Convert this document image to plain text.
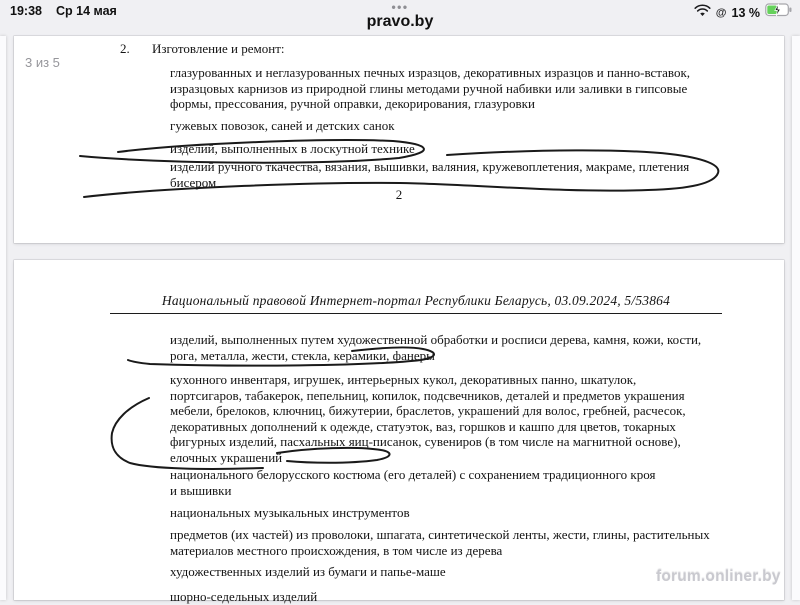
19:38 Ср 14 мая	•••	@ 13 %
pravo.by
3 из 5
2. Изготовление и ремонт:
глазурованных и неглазурованных печных изразцов, декоративных изразцов и панно-вставок,
изразцовых карнизов из природной глины методами ручной набивки или заливки в гипсовые
формы, прессования, ручной оправки, декорирования, глазуровки
гужевых повозок, саней и детских санок
изделий, выполненных в лоскутной технике
изделий ручного ткачества, вязания, вышивки, валяния, кружевоплетения, макраме, плетения
бисером
2
Национальный правовой Интернет-портал Республики Беларусь, 03.09.2024, 5/53864
изделий, выполненных путем художественной обработки и росписи дерева, камня, кожи, кости,
рога, металла, жести, стекла, керамики, фанеры
кухонного инвентаря, игрушек, интерьерных кукол, декоративных панно, шкатулок,
портсигаров, табакерок, пепельниц, копилок, подсвечников, деталей и предметов украшения
мебели, брелоков, ключниц, бижутерии, браслетов, украшений для волос, гребней, расчесок,
декоративных дополнений к одежде, статуэток, ваз, горшков и кашпо для цветов, токарных
фигурных изделий, пасхальных яиц-писанок, сувениров (в том числе на магнитной основе),
елочных украшений
национального белорусского костюма (его деталей) с сохранением традиционного кроя
и вышивки
национальных музыкальных инструментов
предметов (их частей) из проволоки, шпагата, синтетической ленты, жести, глины, растительных
материалов местного происхождения, в том числе из дерева
художественных изделий из бумаги и папье-маше
шорно-седельных изделий
forum.onliner.by
